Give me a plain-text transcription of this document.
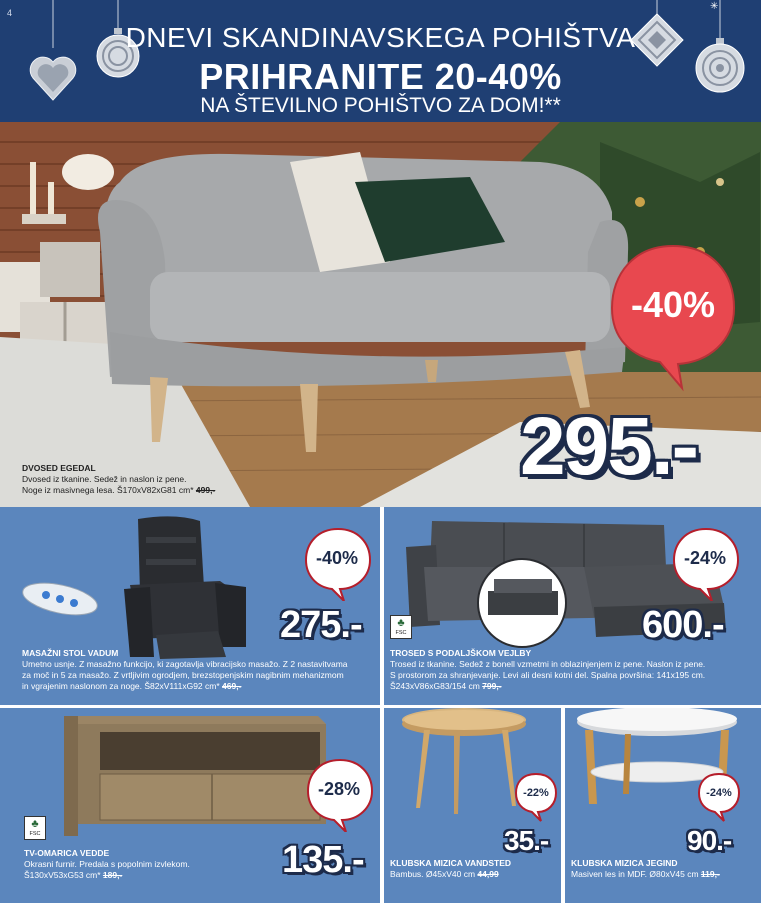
4
✳
DNEVI SKANDINAVSKEGA POHIŠTVA
PRIHRANITE 20-40%
NA ŠTEVILNO POHIŠTVO ZA DOM!**
DVOSED EGEDAL
Dvosed iz tkanine. Sedež in naslon iz pene.
Noge iz masivnega lesa. Š170xV82xG81 cm* 499,-
-40%
295.-
-40%
275.-
MASAŽNI STOL VADUM
Umetno usnje. Z masažno funkcijo, ki zagotavlja vibracijsko masažo. Z 2 nastavitvama
za moč in 5 za masažo. Z vrtljivim ogrodjem, brezstopenjskim nagibnim mehanizmom
in vgrajenim naslonom za noge. Š82xV111xG92 cm* 469,-
♣
FSC
-24%
600.-
TROSED S PODALJŠKOM VEJLBY
Trosed iz tkanine. Sedež z bonell vzmetmi in oblazinjenjem iz pene. Naslon iz pene.
S prostorom za shranjevanje. Levi ali desni kotni del. Spalna površina: 141x195 cm.
Š243xV86xG83/154 cm 799,-
♣
FSC
-28%
135.-
TV-OMARICA VEDDE
Okrasni furnir. Predala s popolnim izvlekom.
Š130xV53xG53 cm* 189,-
-22%
35.-
KLUBSKA MIZICA VANDSTED
Bambus. Ø45xV40 cm 44,99
-24%
90.-
KLUBSKA MIZICA JEGIND
Masiven les in MDF. Ø80xV45 cm 119,-
